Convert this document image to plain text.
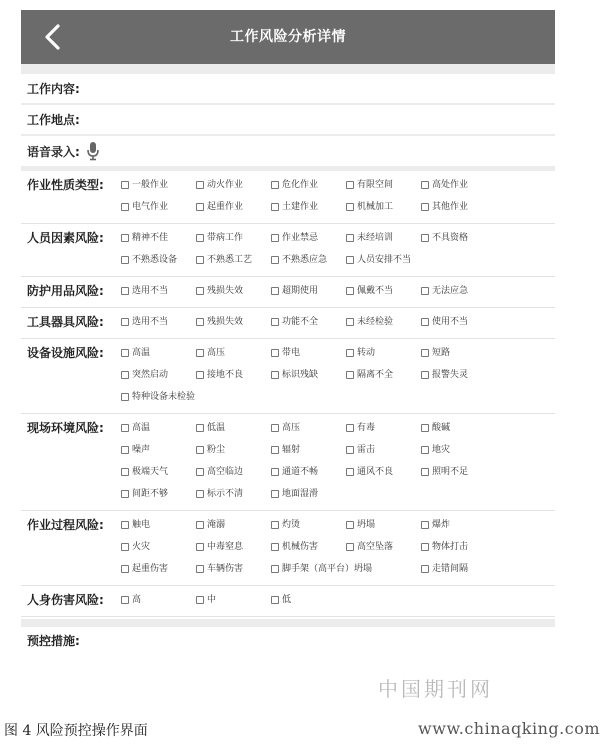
工作风险分析详情
工作内容:
工作地点:
语音录入:
作业性质类型:	一般作业	动火作业	危化作业	有限空间	高处作业
电气作业	起重作业	土建作业	机械加工	其他作业
人员因素风险:	精神不佳	带病工作	作业禁忌	未经培训	不具资格
不熟悉设备	不熟悉工艺	不熟悉应急	人员安排不当
防护用品风险:	选用不当	残损失效	超期使用	佩戴不当	无法应急
工具器具风险:	选用不当	残损失效	功能不全	未经检验	使用不当
设备设施风险:	高温	高压	带电	转动	短路
突然启动	接地不良	标识残缺	隔离不全	报警失灵
特种设备未检验
现场环境风险:	高温	低温	高压	有毒	酸碱
噪声	粉尘	辐射	雷击	地灾
极端天气	高空临边	通道不畅	通风不良	照明不足
间距不够	标示不清	地面湿滑
作业过程风险:	触电	淹溺	灼烫	坍塌	爆炸
火灾	中毒窒息	机械伤害	高空坠落	物体打击
起重伤害	车辆伤害	脚手架（高平台）坍塌	走错间隔
人身伤害风险:	高	中	低
预控措施:
中国期刊网
图 4 风险预控操作界面	www.chinaqking.com
